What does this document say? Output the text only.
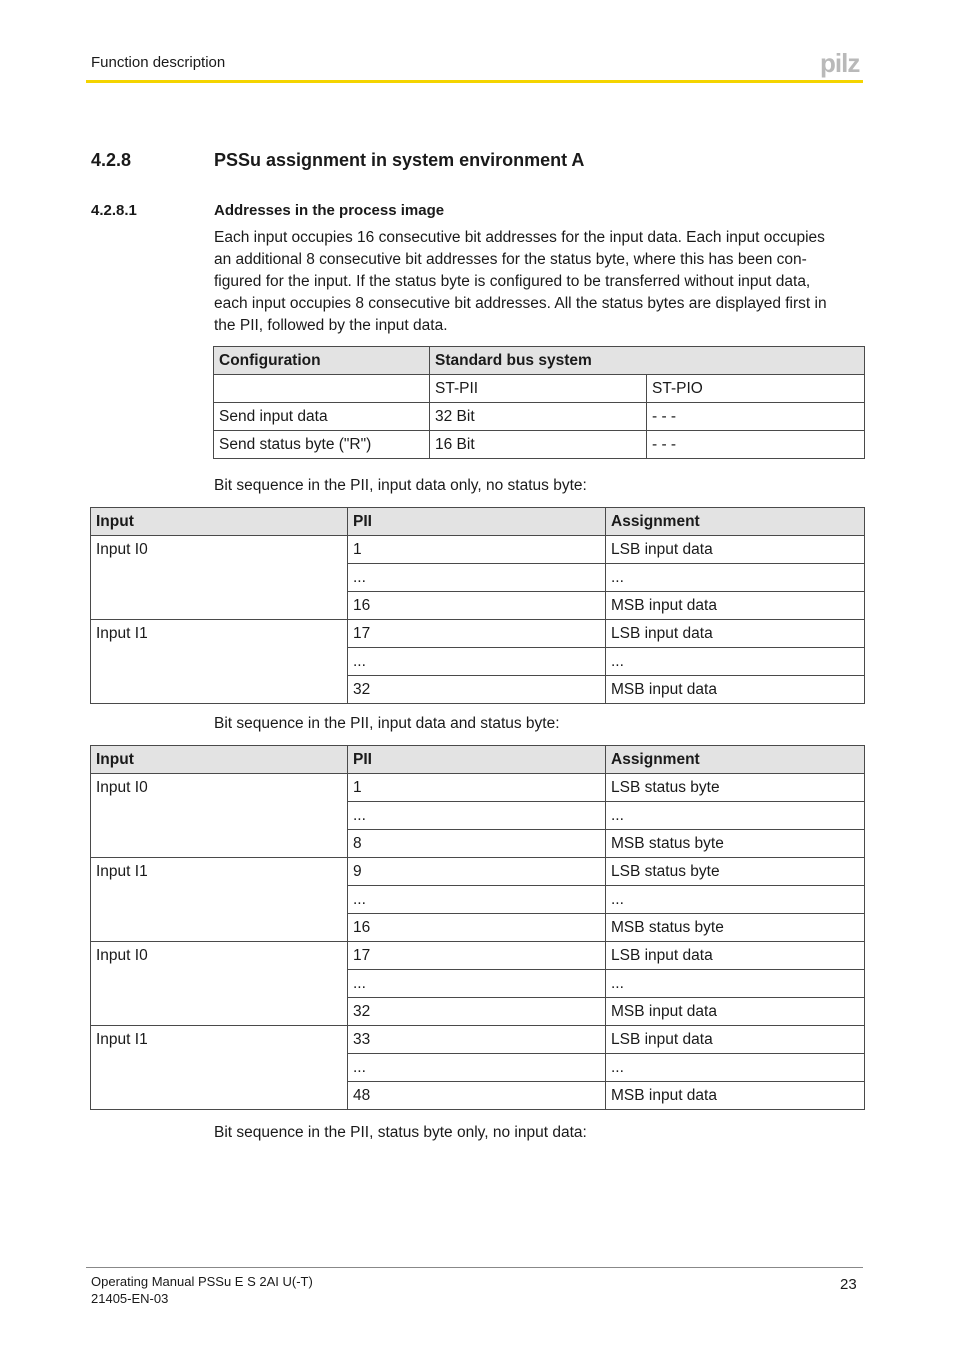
Function description	pilz
4.2.8	PSSu assignment in system environment A
4.2.8.1	Addresses in the process image
Each input occupies 16 consecutive bit addresses for the input data. Each input occupies
an additional 8 consecutive bit addresses for the status byte, where this has been con-
figured for the input. If the status byte is configured to be transferred without input data,
each input occupies 8 consecutive bit addresses. All the status bytes are displayed first in
the PII, followed by the input data.
Configuration	Standard bus system	
	ST-PII	ST-PIO
Send input data	32 Bit	- - -
Send status byte ("R")	16 Bit	- - -
Bit sequence in the PII, input data only, no status byte:
Input	PII	Assignment
Input I0	1	LSB input data
	...	...
	16	MSB input data
Input I1	17	LSB input data
	...	...
	32	MSB input data
Bit sequence in the PII, input data and status byte:
Input	PII	Assignment
Input I0	1	LSB status byte
	...	...
	8	MSB status byte
Input I1	9	LSB status byte
	...	...
	16	MSB status byte
Input I0	17	LSB input data
	...	...
	32	MSB input data
Input I1	33	LSB input data
	...	...
	48	MSB input data
Bit sequence in the PII, status byte only, no input data:
Operating Manual PSSu E S 2AI U(-T)
21405-EN-03
23
